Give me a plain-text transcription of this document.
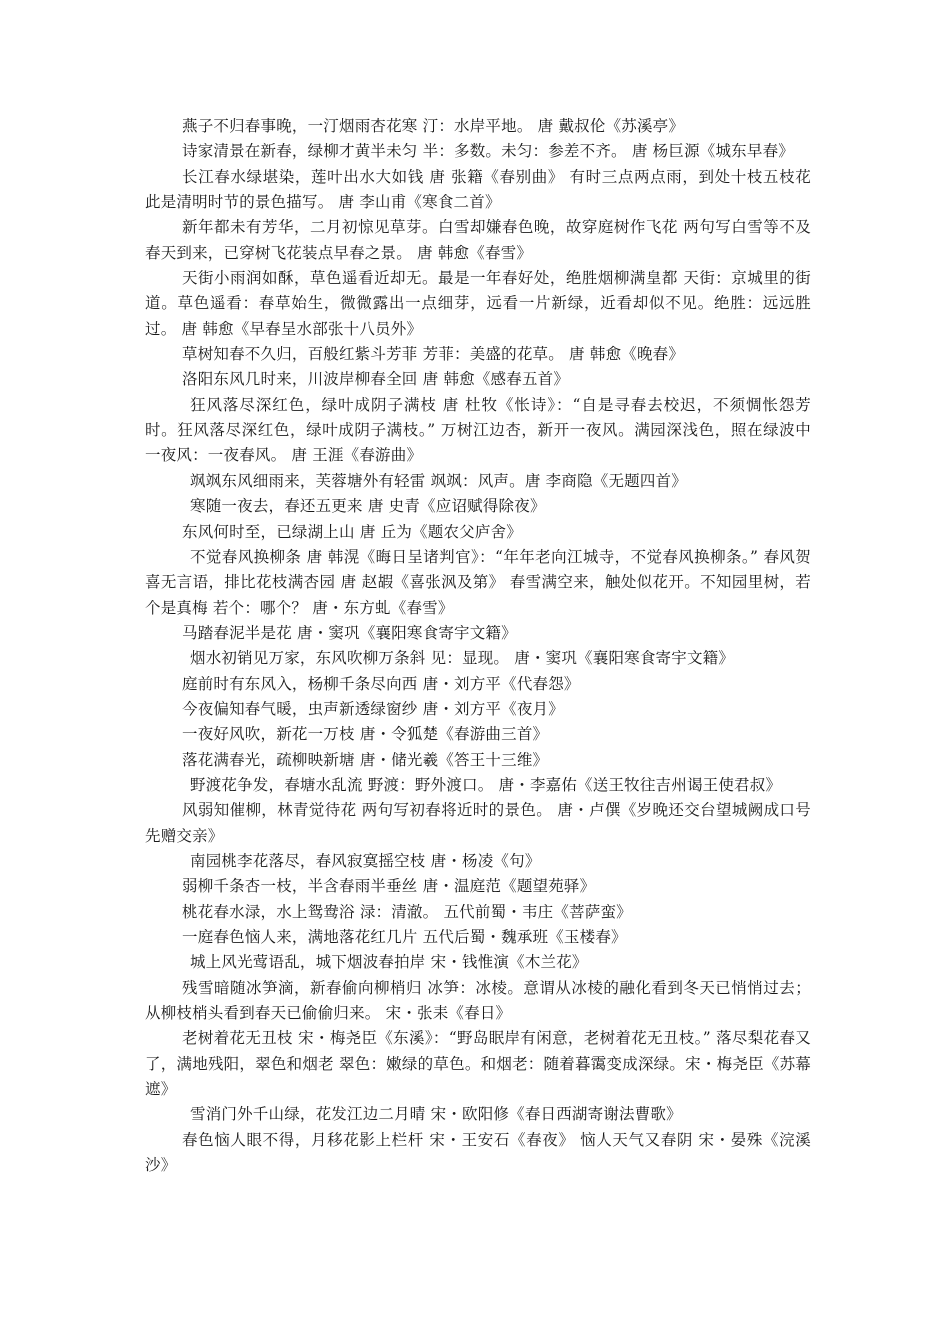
燕子不归春事晚，一汀烟雨杏花寒 汀：水岸平地。 唐 戴叔伦《苏溪亭》

诗家清景在新春，绿柳才黄半未匀 半：多数。未匀：参差不齐。 唐 杨巨源《城东早春》

长江春水绿堪染，莲叶出水大如钱 唐 张籍《春别曲》 有时三点两点雨，到处十枝五枝花 此是清明时节的景色描写。 唐 李山甫《寒食二首》

新年都未有芳华，二月初惊见草芽。白雪却嫌春色晚，故穿庭树作飞花 两句写白雪等不及春天到来，已穿树飞花装点早春之景。 唐 韩愈《春雪》

天街小雨润如酥，草色遥看近却无。最是一年春好处，绝胜烟柳满皇都 天街：京城里的街道。草色遥看：春草始生，微微露出一点细芽，远看一片新绿，近看却似不见。绝胜：远远胜过。 唐 韩愈《早春呈水部张十八员外》

草树知春不久归，百般红紫斗芳菲 芳菲：美盛的花草。 唐 韩愈《晚春》

洛阳东风几时来，川波岸柳春全回 唐 韩愈《感春五首》

狂风落尽深红色，绿叶成阴子满枝 唐 杜牧《怅诗》：“自是寻春去校迟，不须惆怅怨芳时。狂风落尽深红色，绿叶成阴子满枝。” 万树江边杏，新开一夜风。满园深浅色，照在绿波中 一夜风：一夜春风。 唐 王涯《春游曲》

飒飒东风细雨来，芙蓉塘外有轻雷 飒飒：风声。唐 李商隐《无题四首》

寒随一夜去，春还五更来 唐 史青《应诏赋得除夜》

东风何时至，已绿湖上山 唐 丘为《题农父庐舍》

不觉春风换柳条 唐 韩滉《晦日呈诸判官》：“年年老向江城寺，不觉春风换柳条。” 春风贺喜无言语，排比花枝满杏园 唐 赵嘏《喜张沨及第》 春雪满空来，触处似花开。不知园里树，若个是真梅 若个：哪个？ 唐・东方虬《春雪》

马踏春泥半是花 唐・窦巩《襄阳寒食寄宇文籍》

烟水初销见万家，东风吹柳万条斜 见：显现。 唐・窦巩《襄阳寒食寄宇文籍》

庭前时有东风入，杨柳千条尽向西 唐・刘方平《代春怨》

今夜偏知春气暖，虫声新透绿窗纱 唐・刘方平《夜月》

一夜好风吹，新花一万枝 唐・令狐楚《春游曲三首》

落花满春光，疏柳映新塘 唐・储光羲《答王十三维》

野渡花争发，春塘水乱流 野渡：野外渡口。 唐・李嘉佑《送王牧往吉州谒王使君叔》

风弱知催柳，林青觉待花 两句写初春将近时的景色。 唐・卢僎《岁晚还交台望城阙成口号先赠交亲》

南园桃李花落尽，春风寂寞摇空枝 唐・杨凌《句》

弱柳千条杏一枝，半含春雨半垂丝 唐・温庭范《题望苑驿》

桃花春水渌，水上鸳鸯浴 渌：清澈。 五代前蜀・韦庄《菩萨蛮》

一庭春色恼人来，满地落花红几片 五代后蜀・魏承班《玉楼春》

城上风光莺语乱，城下烟波春拍岸 宋・钱惟演《木兰花》

残雪暗随冰笋滴，新春偷向柳梢归 冰笋：冰棱。意谓从冰棱的融化看到冬天已悄悄过去；从柳枝梢头看到春天已偷偷归来。 宋・张耒《春日》

老树着花无丑枝 宋・梅尧臣《东溪》：“野岛眠岸有闲意，老树着花无丑枝。” 落尽梨花春又了，满地残阳，翠色和烟老 翠色：嫩绿的草色。和烟老：随着暮霭变成深绿。宋・梅尧臣《苏幕遮》

雪消门外千山绿，花发江边二月晴 宋・欧阳修《春日西湖寄谢法曹歌》

春色恼人眼不得，月移花影上栏杆 宋・王安石《春夜》 恼人天气又春阴 宋・晏殊《浣溪沙》
